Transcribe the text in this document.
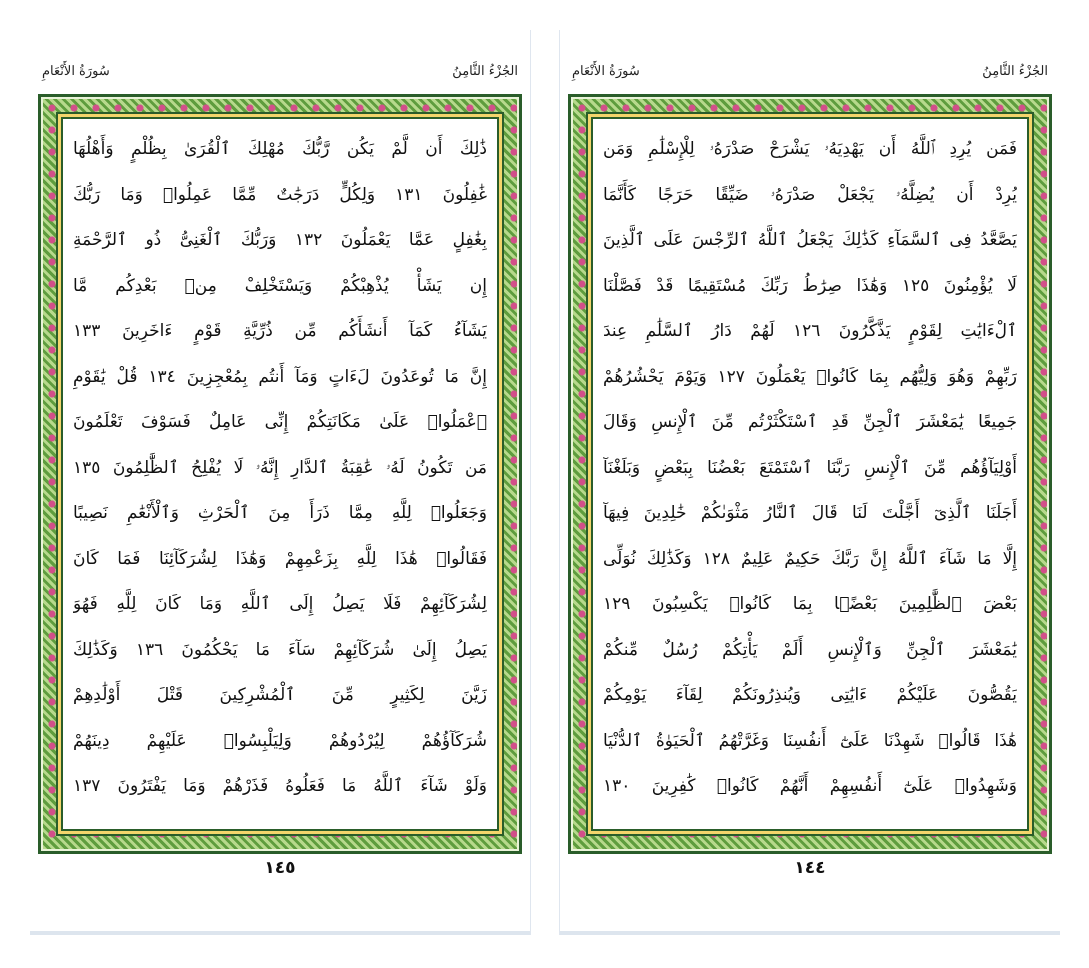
سُورَةُ الأَنْعَامِ	الجُزْءُ الثَّامِنُ
ذَٰلِكَ أَن لَّمْ يَكُن رَّبُّكَ مُهْلِكَ ٱلْقُرَىٰ بِظُلْمٍ وَأَهْلُهَا
غَٰفِلُونَ ١٣١ وَلِكُلٍّ دَرَجَٰتٌ مِّمَّا عَمِلُوا۟ وَمَا رَبُّكَ
بِغَٰفِلٍ عَمَّا يَعْمَلُونَ ١٣٢ وَرَبُّكَ ٱلْغَنِىُّ ذُو ٱلرَّحْمَةِ
إِن يَشَأْ يُذْهِبْكُمْ وَيَسْتَخْلِفْ مِنۢ بَعْدِكُم مَّا
يَشَآءُ كَمَآ أَنشَأَكُم مِّن ذُرِّيَّةِ قَوْمٍ ءَاخَرِينَ ١٣٣
إِنَّ مَا تُوعَدُونَ لَءَاتٍ وَمَآ أَنتُم بِمُعْجِزِينَ ١٣٤ قُلْ يَٰقَوْمِ
ٱعْمَلُوا۟ عَلَىٰ مَكَانَتِكُمْ إِنِّى عَامِلٌ فَسَوْفَ تَعْلَمُونَ
مَن تَكُونُ لَهُۥ عَٰقِبَةُ ٱلدَّارِ إِنَّهُۥ لَا يُفْلِحُ ٱلظَّٰلِمُونَ ١٣٥
وَجَعَلُوا۟ لِلَّهِ مِمَّا ذَرَأَ مِنَ ٱلْحَرْثِ وَٱلْأَنْعَٰمِ نَصِيبًا
فَقَالُوا۟ هَٰذَا لِلَّهِ بِزَعْمِهِمْ وَهَٰذَا لِشُرَكَآئِنَا فَمَا كَانَ
لِشُرَكَآئِهِمْ فَلَا يَصِلُ إِلَى ٱللَّهِ وَمَا كَانَ لِلَّهِ فَهُوَ
يَصِلُ إِلَىٰ شُرَكَآئِهِمْ سَآءَ مَا يَحْكُمُونَ ١٣٦ وَكَذَٰلِكَ
زَيَّنَ لِكَثِيرٍ مِّنَ ٱلْمُشْرِكِينَ قَتْلَ أَوْلَٰدِهِمْ
شُرَكَآؤُهُمْ لِيُرْدُوهُمْ وَلِيَلْبِسُوا۟ عَلَيْهِمْ دِينَهُمْ
وَلَوْ شَآءَ ٱللَّهُ مَا فَعَلُوهُ فَذَرْهُمْ وَمَا يَفْتَرُونَ ١٣٧
١٤٥
سُورَةُ الأَنْعَامِ	الجُزْءُ الثَّامِنُ
فَمَن يُرِدِ ٱللَّهُ أَن يَهْدِيَهُۥ يَشْرَحْ صَدْرَهُۥ لِلْإِسْلَٰمِ وَمَن
يُرِدْ أَن يُضِلَّهُۥ يَجْعَلْ صَدْرَهُۥ ضَيِّقًا حَرَجًا كَأَنَّمَا
يَصَّعَّدُ فِى ٱلسَّمَآءِ كَذَٰلِكَ يَجْعَلُ ٱللَّهُ ٱلرِّجْسَ عَلَى ٱلَّذِينَ
لَا يُؤْمِنُونَ ١٢٥ وَهَٰذَا صِرَٰطُ رَبِّكَ مُسْتَقِيمًا قَدْ فَصَّلْنَا
ٱلْءَايَٰتِ لِقَوْمٍ يَذَّكَّرُونَ ١٢٦ لَهُمْ دَارُ ٱلسَّلَٰمِ عِندَ
رَبِّهِمْ وَهُوَ وَلِيُّهُم بِمَا كَانُوا۟ يَعْمَلُونَ ١٢٧ وَيَوْمَ يَحْشُرُهُمْ
جَمِيعًا يَٰمَعْشَرَ ٱلْجِنِّ قَدِ ٱسْتَكْثَرْتُم مِّنَ ٱلْإِنسِ وَقَالَ
أَوْلِيَآؤُهُم مِّنَ ٱلْإِنسِ رَبَّنَا ٱسْتَمْتَعَ بَعْضُنَا بِبَعْضٍ وَبَلَغْنَآ
أَجَلَنَا ٱلَّذِىٓ أَجَّلْتَ لَنَا قَالَ ٱلنَّارُ مَثْوَىٰكُمْ خَٰلِدِينَ فِيهَآ
إِلَّا مَا شَآءَ ٱللَّهُ إِنَّ رَبَّكَ حَكِيمٌ عَلِيمٌ ١٢٨ وَكَذَٰلِكَ نُوَلِّى
بَعْضَ ٱلظَّٰلِمِينَ بَعْضًۢا بِمَا كَانُوا۟ يَكْسِبُونَ ١٢٩
يَٰمَعْشَرَ ٱلْجِنِّ وَٱلْإِنسِ أَلَمْ يَأْتِكُمْ رُسُلٌ مِّنكُمْ
يَقُصُّونَ عَلَيْكُمْ ءَايَٰتِى وَيُنذِرُونَكُمْ لِقَآءَ يَوْمِكُمْ
هَٰذَا قَالُوا۟ شَهِدْنَا عَلَىٰٓ أَنفُسِنَا وَغَرَّتْهُمُ ٱلْحَيَوٰةُ ٱلدُّنْيَا
وَشَهِدُوا۟ عَلَىٰٓ أَنفُسِهِمْ أَنَّهُمْ كَانُوا۟ كَٰفِرِينَ ١٣٠
١٤٤
